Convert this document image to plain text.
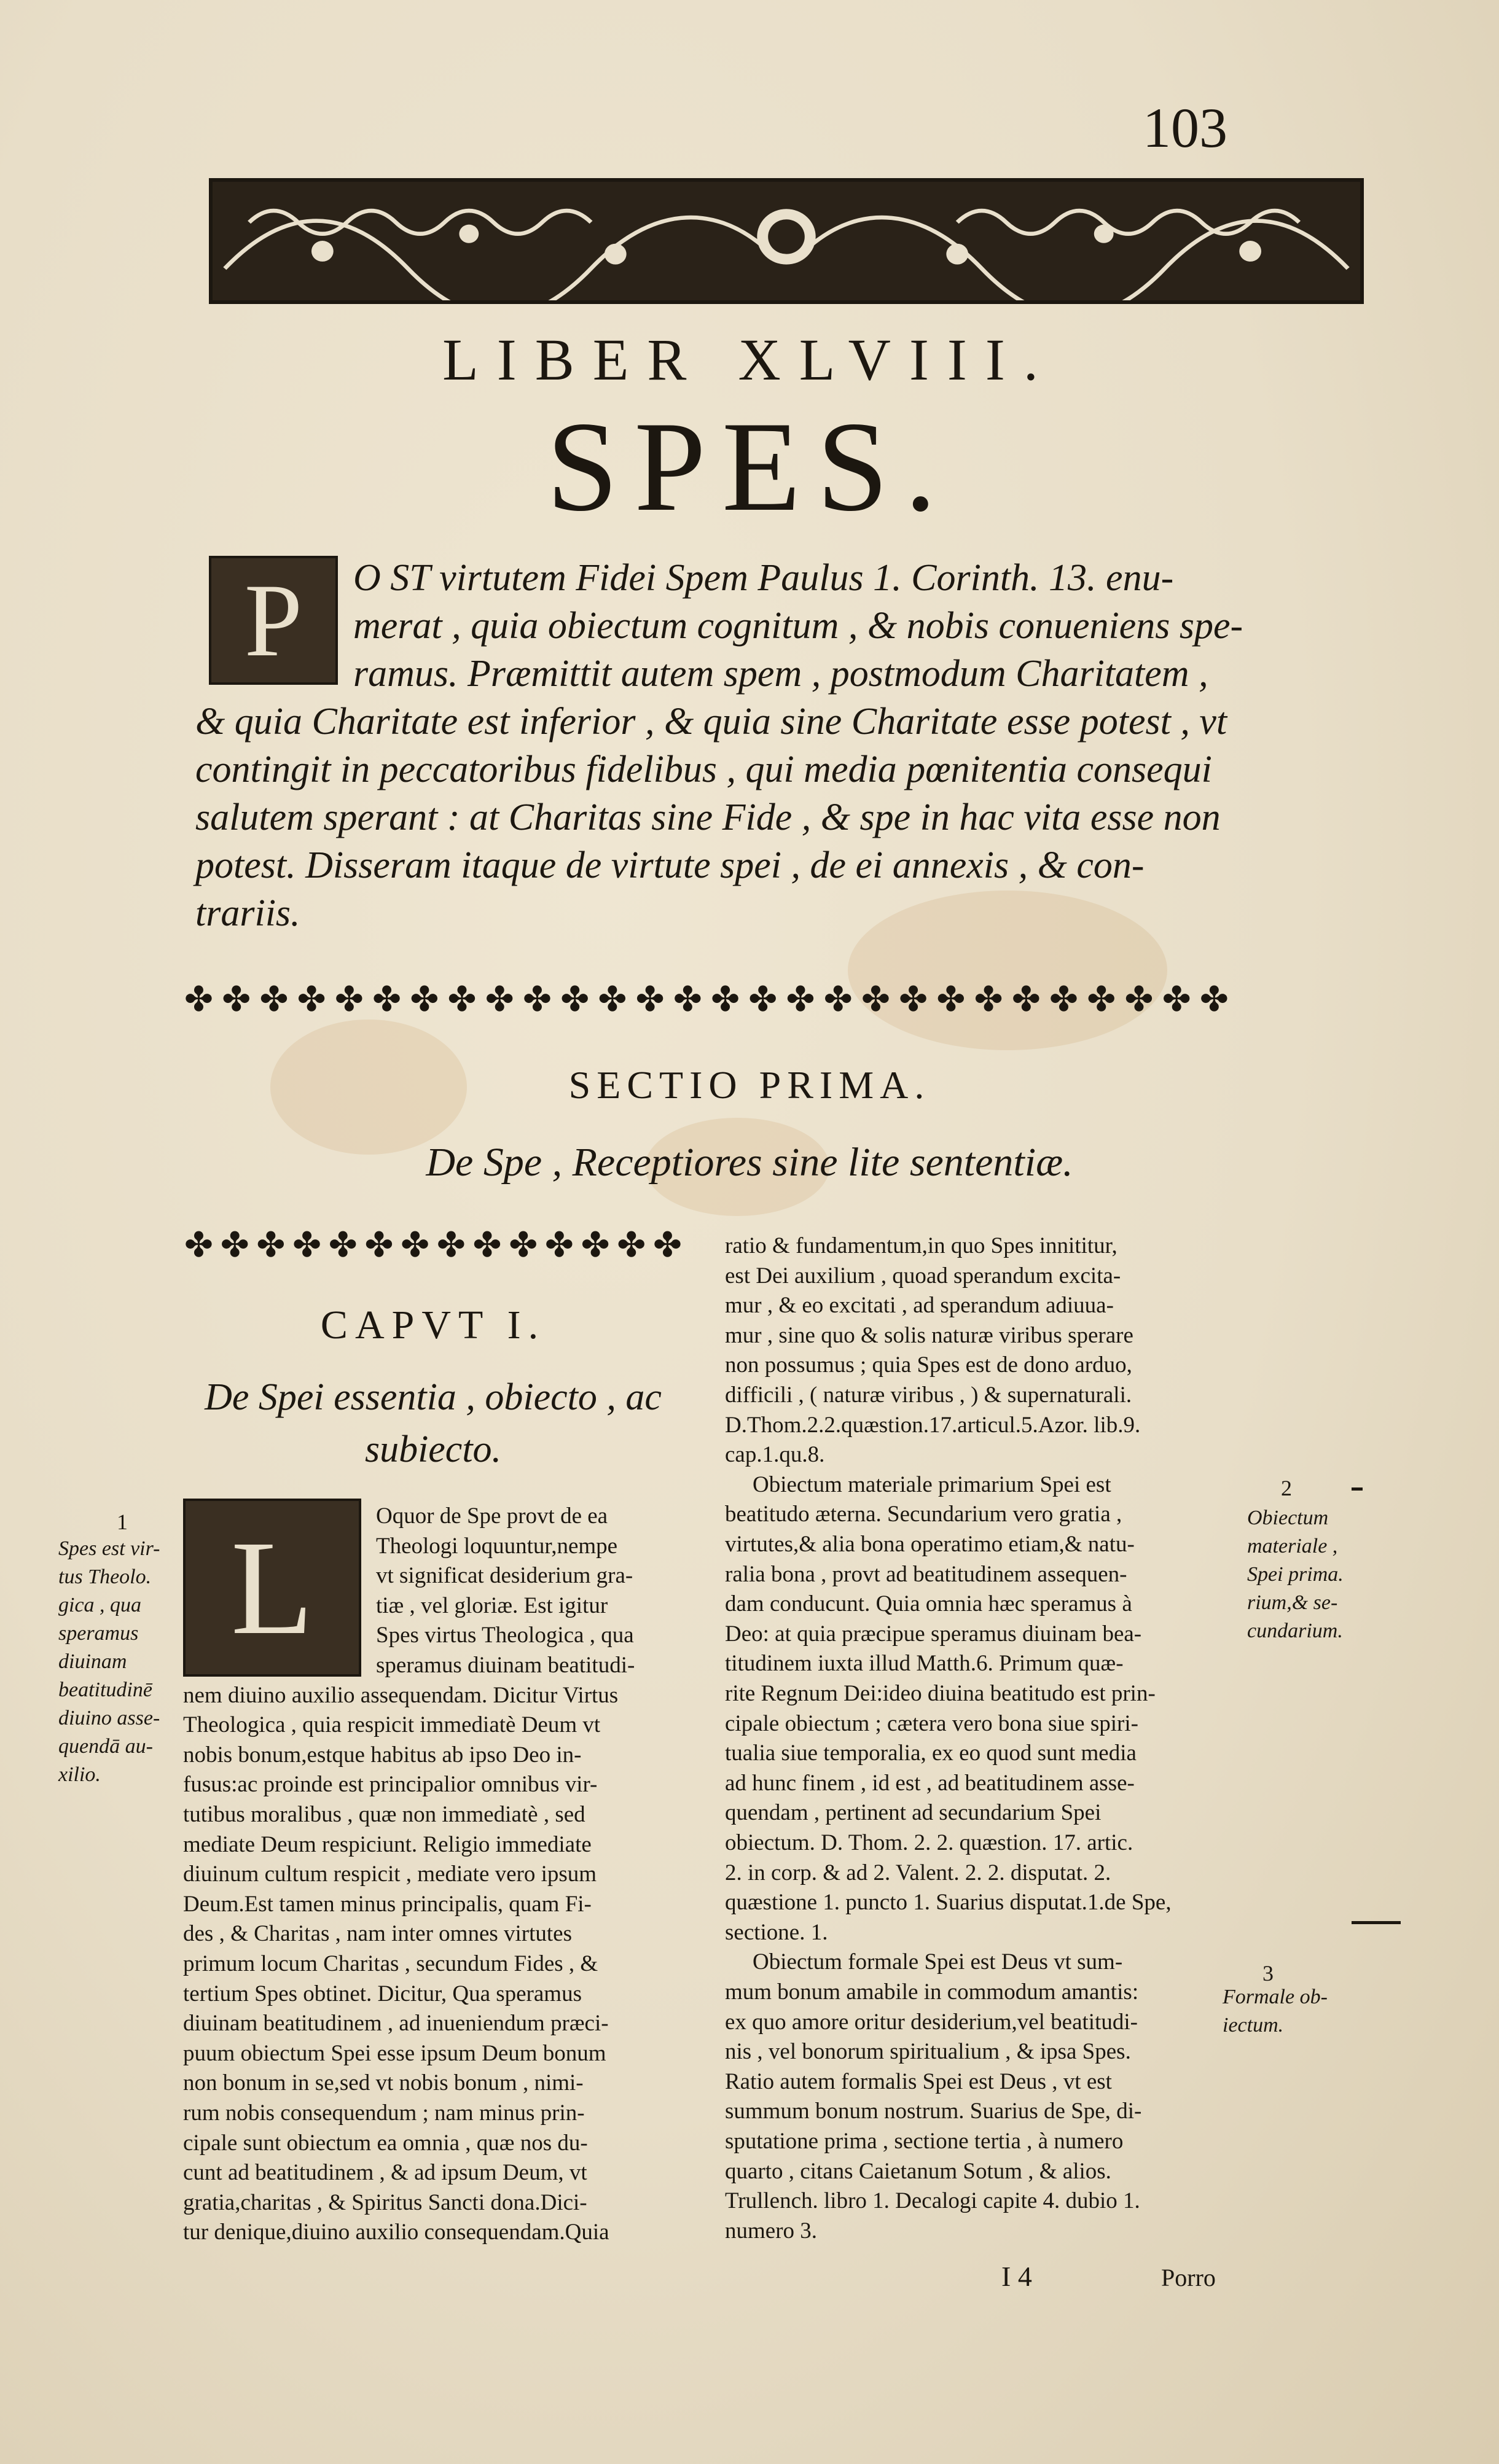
103
LIBER XLVIII.
SPES.
P	O ST virtutem Fidei Spem Paulus 1. Corinth. 13. enu-
merat , quia obiectum cognitum , & nobis conueniens spe-
ramus. Præmittit autem spem , postmodum Charitatem ,
& quia Charitate est inferior , & quia sine Charitate esse potest , vt
contingit in peccatoribus fidelibus , qui media pœnitentia consequi
salutem sperant : at Charitas sine Fide , & spe in hac vita esse non
potest. Disseram itaque de virtute spei , de ei annexis , & con-
trariis.
✤ ✤ ✤ ✤ ✤ ✤ ✤ ✤ ✤ ✤ ✤ ✤ ✤ ✤ ✤ ✤ ✤ ✤ ✤ ✤ ✤ ✤ ✤ ✤ ✤ ✤ ✤ ✤
SECTIO PRIMA.
De Spe , Receptiores sine lite sententiæ.
✤ ✤ ✤ ✤ ✤ ✤ ✤ ✤ ✤ ✤ ✤ ✤ ✤ ✤
CAPVT I.
De Spei essentia , obiecto , ac
subiecto.
L	Oquor de Spe provt de ea
Theologi loquuntur,nempe
vt significat desiderium gra-
tiæ , vel gloriæ. Est igitur
Spes virtus Theologica , qua
speramus diuinam beatitudi-
nem diuino auxilio assequendam. Dicitur Virtus
Theologica , quia respicit immediatè Deum vt
nobis bonum,estque habitus ab ipso Deo in-
fusus:ac proinde est principalior omnibus vir-
tutibus moralibus , quæ non immediatè , sed
mediate Deum respiciunt. Religio immediate
diuinum cultum respicit , mediate vero ipsum
Deum.Est tamen minus principalis, quam Fi-
des , & Charitas , nam inter omnes virtutes
primum locum Charitas , secundum Fides , &
tertium Spes obtinet. Dicitur, Qua speramus
diuinam beatitudinem , ad inueniendum præci-
puum obiectum Spei esse ipsum Deum bonum
non bonum in se,sed vt nobis bonum , nimi-
rum nobis consequendum ; nam minus prin-
cipale sunt obiectum ea omnia , quæ nos du-
cunt ad beatitudinem , & ad ipsum Deum, vt
gratia,charitas , & Spiritus Sancti dona.Dici-
tur denique,diuino auxilio consequendam.Quia
ratio & fundamentum,in quo Spes innititur,
est Dei auxilium , quoad sperandum excita-
mur , & eo excitati , ad sperandum adiuua-
mur , sine quo & solis naturæ viribus sperare
non possumus ; quia Spes est de dono arduo,
difficili , ( naturæ viribus , ) & supernaturali.
D.Thom.2.2.quæstion.17.articul.5.Azor. lib.9.
cap.1.qu.8.
Obiectum materiale primarium Spei est
beatitudo æterna. Secundarium vero gratia ,
virtutes,& alia bona operatimo etiam,& natu-
ralia bona , provt ad beatitudinem assequen-
dam conducunt. Quia omnia hæc speramus à
Deo: at quia præcipue speramus diuinam bea-
titudinem iuxta illud Matth.6. Primum quæ-
rite Regnum Dei:ideo diuina beatitudo est prin-
cipale obiectum ; cætera vero bona siue spiri-
tualia siue temporalia, ex eo quod sunt media
ad hunc finem , id est , ad beatitudinem asse-
quendam , pertinent ad secundarium Spei
obiectum. D. Thom. 2. 2. quæstion. 17. artic.
2. in corp. & ad 2. Valent. 2. 2. disputat. 2.
quæstione 1. puncto 1. Suarius disputat.1.de Spe,
sectione. 1.
Obiectum formale Spei est Deus vt sum-
mum bonum amabile in commodum amantis:
ex quo amore oritur desiderium,vel beatitudi-
nis , vel bonorum spiritualium , & ipsa Spes.
Ratio autem formalis Spei est Deus , vt est
summum bonum nostrum. Suarius de Spe, di-
sputatione prima , sectione tertia , à numero
quarto , citans Caietanum Sotum , & alios.
Trullench. libro 1. Decalogi capite 4. dubio 1.
numero 3.
1
Spes est vir-
tus Theolo.
gica , qua
speramus
diuinam
beatitudinē
diuino asse-
quendā au-
xilio.
2
Obiectum
materiale ,
Spei prima.
rium,& se-
cundarium.
3
Formale ob-
iectum.
I 4	Porro
